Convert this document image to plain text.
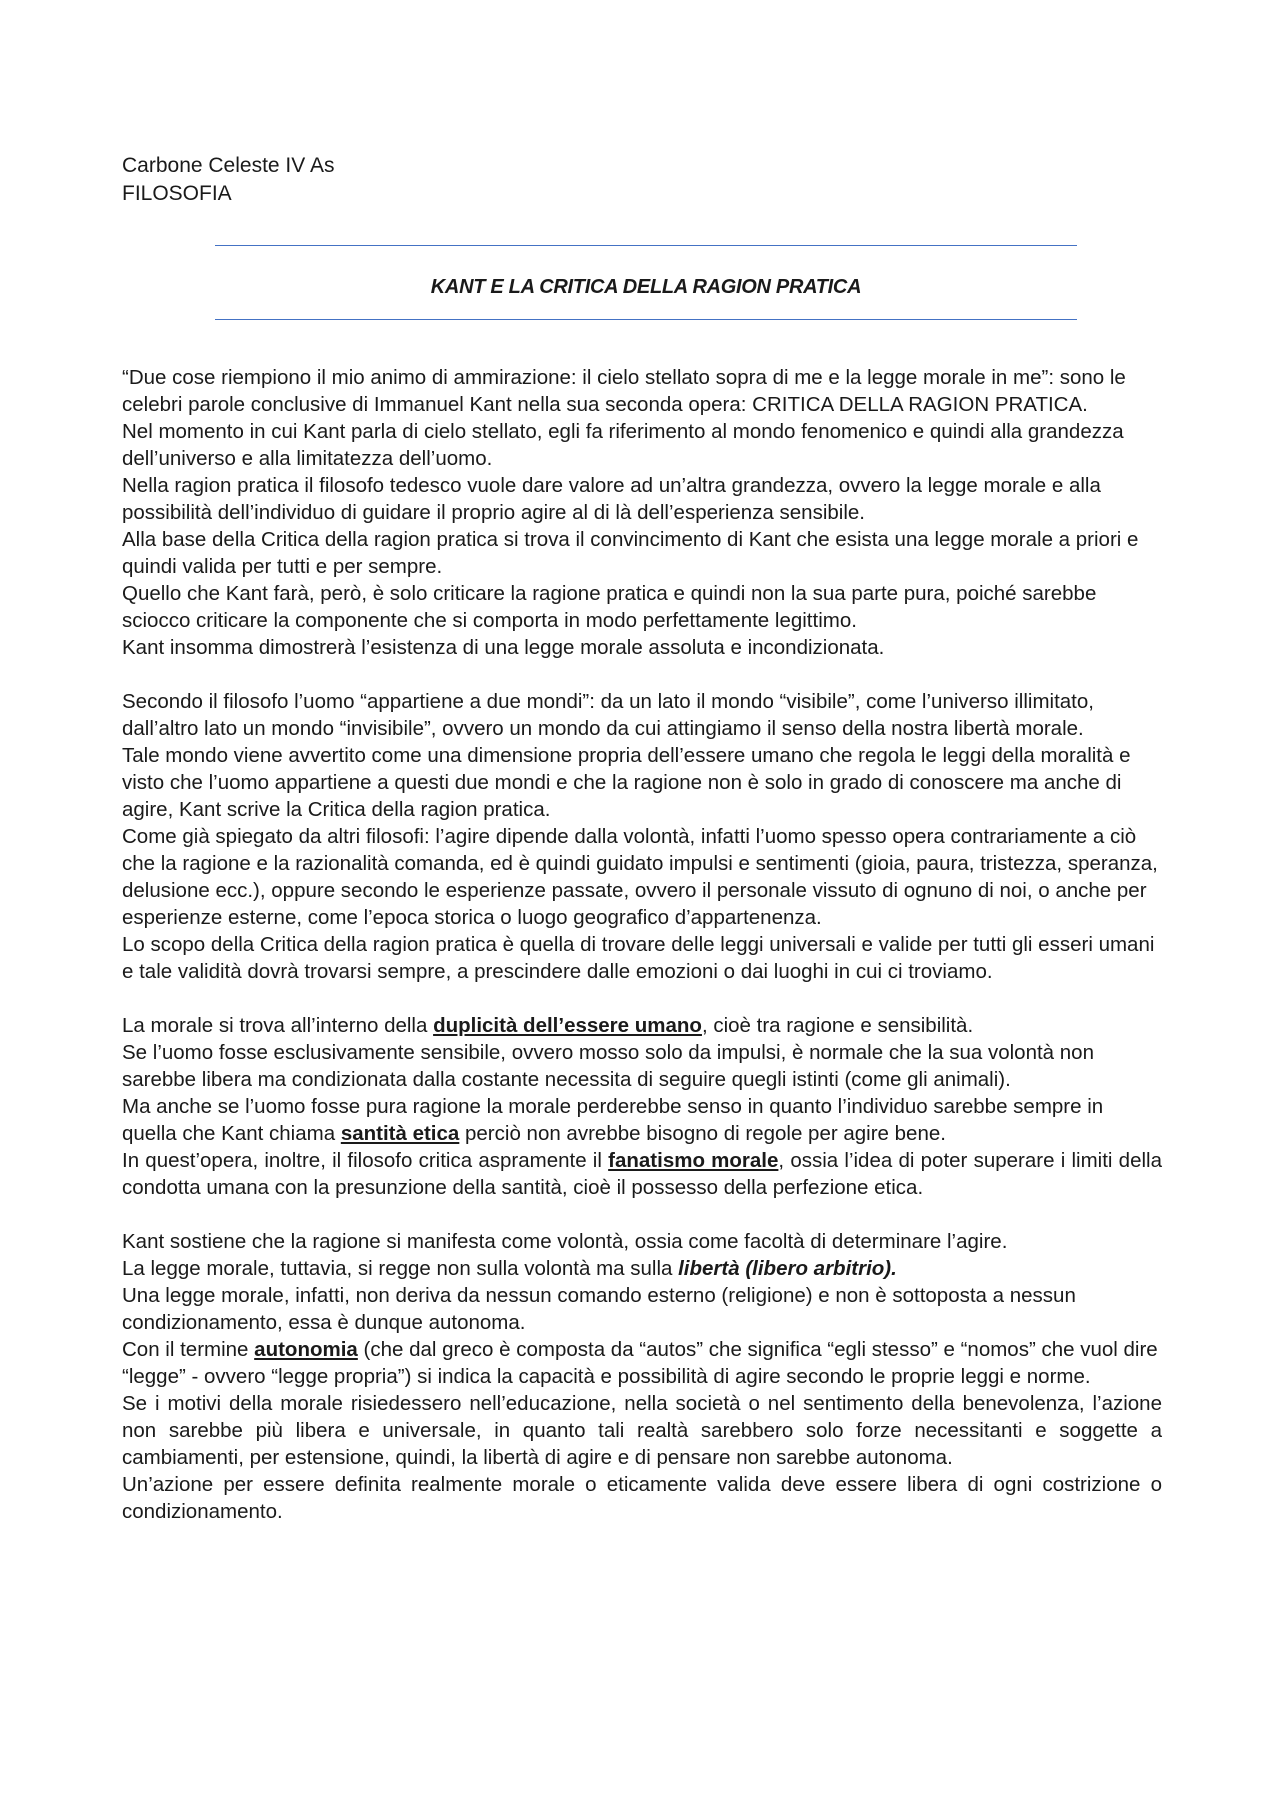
Carbone Celeste IV As

FILOSOFIA

KANT E LA CRITICA DELLA RAGION PRATICA

“Due cose riempiono il mio animo di ammirazione: il cielo stellato sopra di me e la legge morale in me”: sono le celebri parole conclusive di Immanuel Kant nella sua seconda opera: CRITICA DELLA RAGION PRATICA.

Nel momento in cui Kant parla di cielo stellato, egli fa riferimento al mondo fenomenico e quindi alla grandezza dell’universo e alla limitatezza dell’uomo.

Nella ragion pratica il filosofo tedesco vuole dare valore ad un’altra grandezza, ovvero la legge morale e alla possibilità dell’individuo di guidare il proprio agire al di là dell’esperienza sensibile.

Alla base della Critica della ragion pratica si trova il convincimento di Kant che esista una legge morale a priori e quindi valida per tutti e per sempre.

Quello che Kant farà, però, è solo criticare la ragione pratica e quindi non la sua parte pura, poiché sarebbe sciocco criticare la componente che si comporta in modo perfettamente legittimo.

Kant insomma dimostrerà l’esistenza di una legge morale assoluta e incondizionata.

Secondo il filosofo l’uomo “appartiene a due mondi”: da un lato il mondo “visibile”, come l’universo illimitato, dall’altro lato un mondo “invisibile”, ovvero un mondo da cui attingiamo il senso della nostra libertà morale.

Tale mondo viene avvertito come una dimensione propria dell’essere umano che regola le leggi della moralità e visto che l’uomo appartiene a questi due mondi e che la ragione non è solo in grado di conoscere ma anche di agire, Kant scrive la Critica della ragion pratica.

Come già spiegato da altri filosofi: l’agire dipende dalla volontà, infatti l’uomo spesso opera contrariamente a ciò che la ragione e la razionalità comanda, ed è quindi guidato impulsi e sentimenti (gioia, paura, tristezza, speranza, delusione ecc.), oppure secondo le esperienze passate, ovvero il personale vissuto di ognuno di noi, o anche per esperienze esterne, come l’epoca storica o luogo geografico d’appartenenza.

Lo scopo della Critica della ragion pratica è quella di trovare delle leggi universali e valide per tutti gli esseri umani e tale validità dovrà trovarsi sempre, a prescindere dalle emozioni o dai luoghi in cui ci troviamo.

La morale si trova all’interno della duplicità dell’essere umano, cioè tra ragione e sensibilità.

Se l’uomo fosse esclusivamente sensibile, ovvero mosso solo da impulsi, è normale che la sua volontà non sarebbe libera ma condizionata dalla costante necessita di seguire quegli istinti (come gli animali).

Ma anche se l’uomo fosse pura ragione la morale perderebbe senso in quanto l’individuo sarebbe sempre in quella che Kant chiama santità etica perciò non avrebbe bisogno di regole per agire bene.

In quest’opera, inoltre, il filosofo critica aspramente il fanatismo morale, ossia l’idea di poter superare i limiti della condotta umana con la presunzione della santità, cioè il possesso della perfezione etica.

Kant sostiene che la ragione si manifesta come volontà, ossia come facoltà di determinare l’agire.

La legge morale, tuttavia, si regge non sulla volontà ma sulla libertà (libero arbitrio).

Una legge morale, infatti, non deriva da nessun comando esterno (religione) e non è sottoposta a nessun condizionamento, essa è dunque autonoma.

Con il termine autonomia (che dal greco è composta da “autos” che significa “egli stesso” e “nomos” che vuol dire “legge” - ovvero “legge propria”) si indica la capacità e possibilità di agire secondo le proprie leggi e norme.

Se i motivi della morale risiedessero nell’educazione, nella società o nel sentimento della benevolenza, l’azione non sarebbe più libera e universale, in quanto tali realtà sarebbero solo forze necessitanti e soggette a cambiamenti, per estensione, quindi, la libertà di agire e di pensare non sarebbe autonoma.

Un’azione per essere definita realmente morale o eticamente valida deve essere libera di ogni costrizione o condizionamento.
